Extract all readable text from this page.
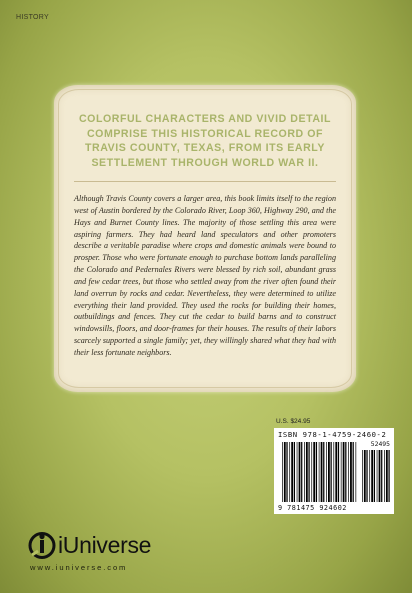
HISTORY
COLORFUL CHARACTERS AND VIVID DETAIL COMPRISE THIS HISTORICAL RECORD OF TRAVIS COUNTY, TEXAS, FROM ITS EARLY SETTLEMENT THROUGH WORLD WAR II.
Although Travis County covers a larger area, this book limits itself to the region west of Austin bordered by the Colorado River, Loop 360, Highway 290, and the Hays and Burnet County lines. The majority of those settling this area were aspiring farmers. They had heard land speculators and other promoters describe a veritable paradise where crops and domestic animals were bound to prosper. Those who were fortunate enough to purchase bottom lands paralleling the Colorado and Pedernales Rivers were blessed by rich soil, abundant grass and few cedar trees, but those who settled away from the river often found their land overrun by rocks and cedar. Nevertheless, they were determined to utilize everything their land provided. They used the rocks for building their homes, outbuildings and fences. They cut the cedar to build barns and to construct windowsills, floors, and door-frames for their houses. The results of their labors scarcely supported a single family; yet, they willingly shared what they had with their less fortunate neighbors.
U.S. $24.95
ISBN 978-1-4759-2460-2
52495
9 781475 924602
iUniverse
www.iuniverse.com
